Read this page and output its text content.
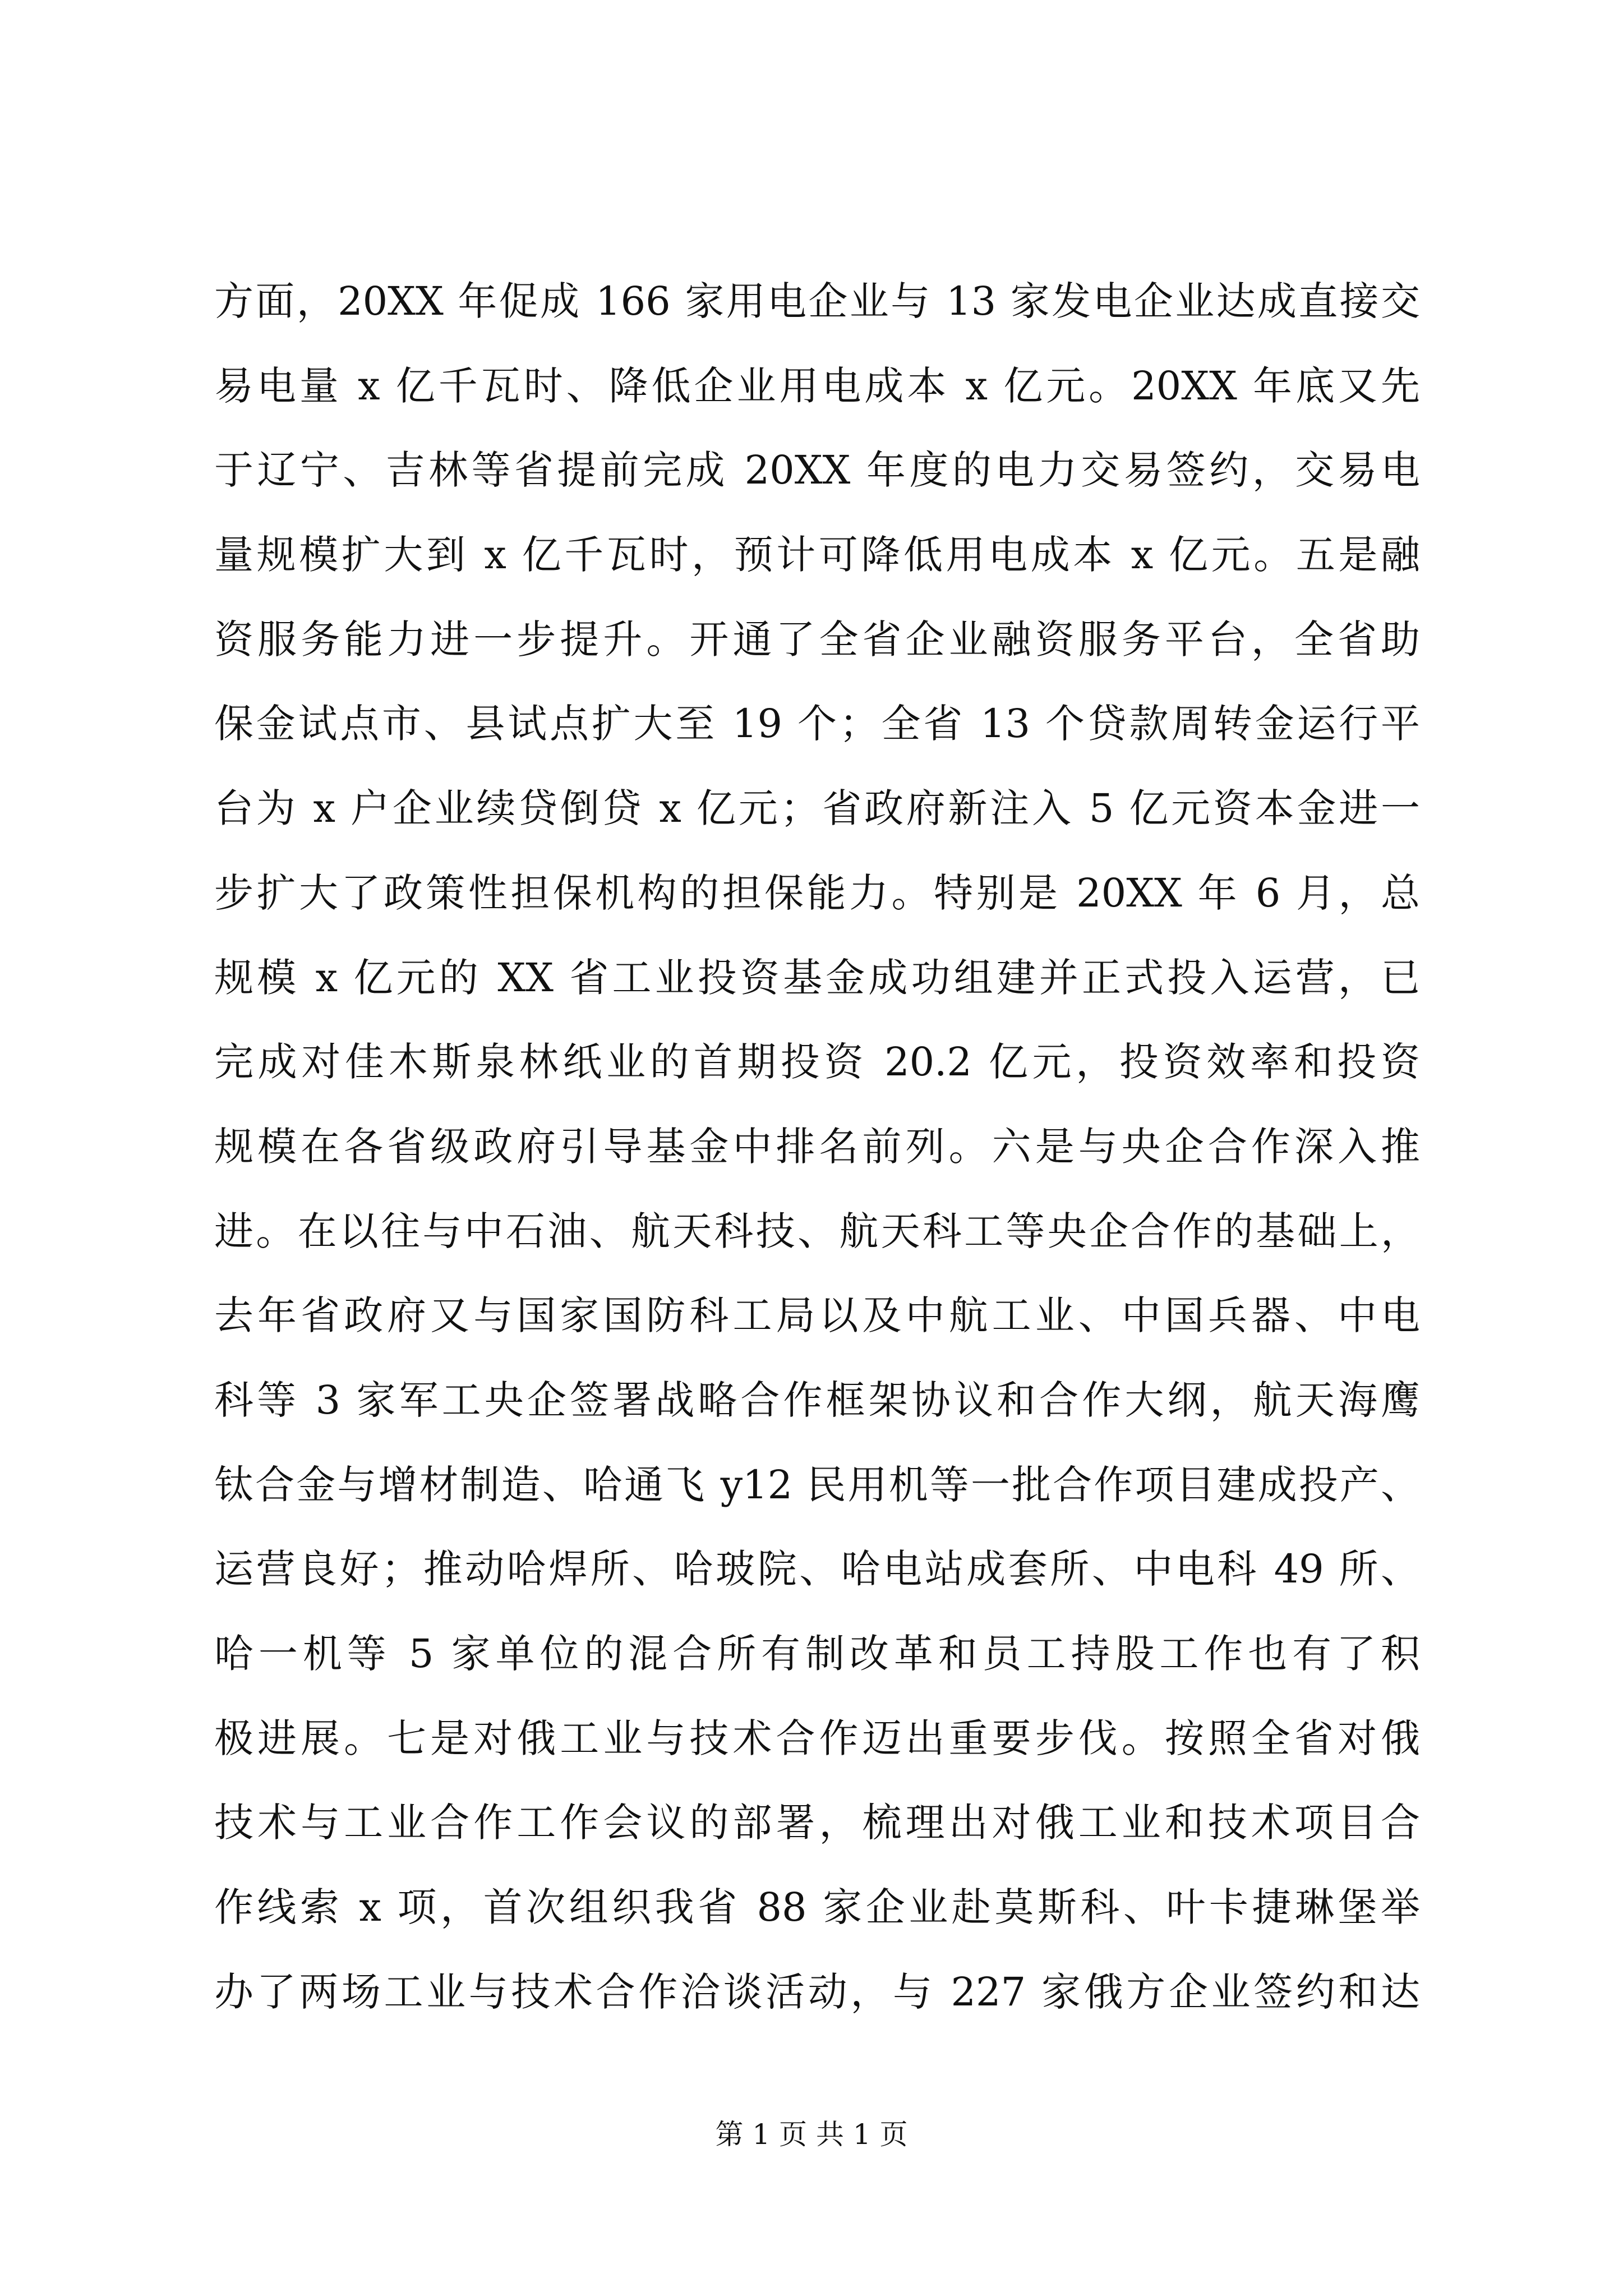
方面，20XX 年促成 166 家用电企业与 13 家发电企业达成直接交
易电量 x 亿千瓦时、降低企业用电成本 x 亿元。20XX 年底又先
于辽宁、吉林等省提前完成 20XX 年度的电力交易签约，交易电
量规模扩大到 x 亿千瓦时，预计可降低用电成本 x 亿元。五是融
资服务能力进一步提升。开通了全省企业融资服务平台，全省助
保金试点市、县试点扩大至 19 个；全省 13 个贷款周转金运行平
台为 x 户企业续贷倒贷 x 亿元；省政府新注入 5 亿元资本金进一
步扩大了政策性担保机构的担保能力。特别是 20XX 年 6 月，总
规模 x 亿元的 XX 省工业投资基金成功组建并正式投入运营，已
完成对佳木斯泉林纸业的首期投资 20.2 亿元，投资效率和投资
规模在各省级政府引导基金中排名前列。六是与央企合作深入推
进。在以往与中石油、航天科技、航天科工等央企合作的基础上，
去年省政府又与国家国防科工局以及中航工业、中国兵器、中电
科等 3 家军工央企签署战略合作框架协议和合作大纲，航天海鹰
钛合金与增材制造、哈通飞 y12 民用机等一批合作项目建成投产、
运营良好；推动哈焊所、哈玻院、哈电站成套所、中电科 49 所、
哈一机等 5 家单位的混合所有制改革和员工持股工作也有了积
极进展。七是对俄工业与技术合作迈出重要步伐。按照全省对俄
技术与工业合作工作会议的部署，梳理出对俄工业和技术项目合
作线索 x 项，首次组织我省 88 家企业赴莫斯科、叶卡捷琳堡举
办了两场工业与技术合作洽谈活动，与 227 家俄方企业签约和达
第 1 页 共 1 页
